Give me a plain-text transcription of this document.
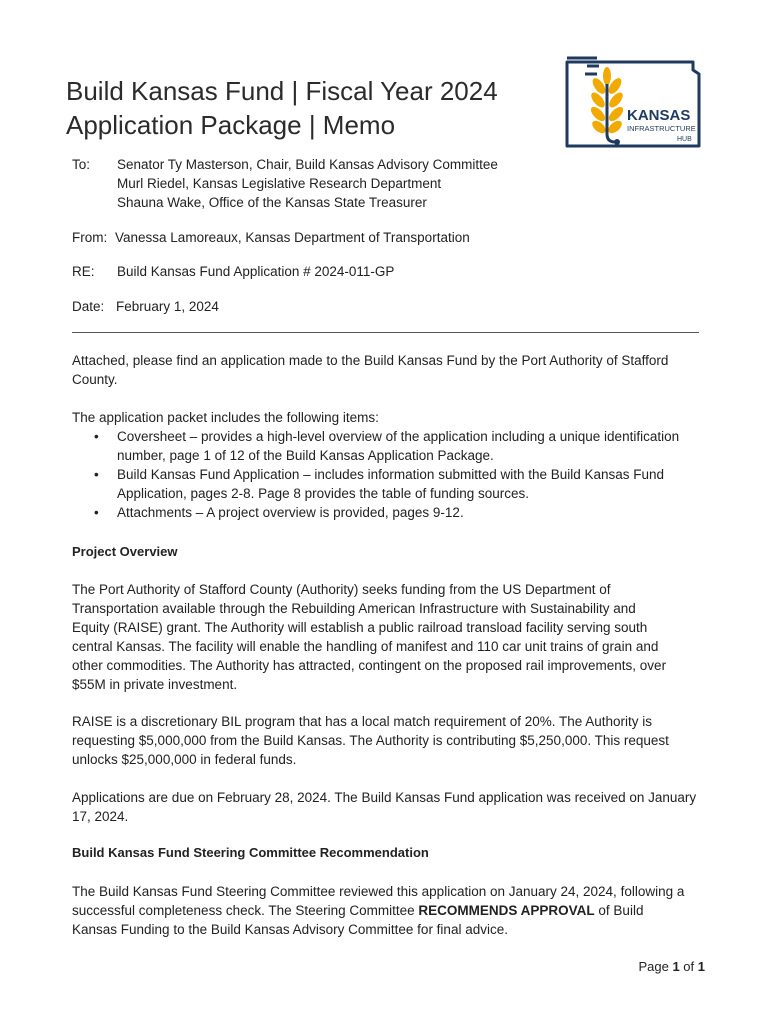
Build Kansas Fund | Fiscal Year 2024
Application Package | Memo	KANSAS
INFRASTRUCTURE
HUB
To: Senator Ty Masterson, Chair, Build Kansas Advisory Committee
Murl Riedel, Kansas Legislative Research Department
Shauna Wake, Office of the Kansas State Treasurer
From: Vanessa Lamoreaux, Kansas Department of Transportation
RE: Build Kansas Fund Application # 2024-011-GP
Date: February 1, 2024

Attached, please find an application made to the Build Kansas Fund by the Port Authority of Stafford County.

The application packet includes the following items:

• Coversheet – provides a high-level overview of the application including a unique identification number, page 1 of 12 of the Build Kansas Application Package.
• Build Kansas Fund Application – includes information submitted with the Build Kansas Fund Application, pages 2-8. Page 8 provides the table of funding sources.
• Attachments – A project overview is provided, pages 9-12.
Project Overview

The Port Authority of Stafford County (Authority) seeks funding from the US Department of Transportation available through the Rebuilding American Infrastructure with Sustainability and Equity (RAISE) grant. The Authority will establish a public railroad transload facility serving south central Kansas. The facility will enable the handling of manifest and 110 car unit trains of grain and other commodities. The Authority has attracted, contingent on the proposed rail improvements, over $55M in private investment.

RAISE is a discretionary BIL program that has a local match requirement of 20%. The Authority is requesting $5,000,000 from the Build Kansas. The Authority is contributing $5,250,000. This request unlocks $25,000,000 in federal funds.

Applications are due on February 28, 2024. The Build Kansas Fund application was received on January 17, 2024.

Build Kansas Fund Steering Committee Recommendation

The Build Kansas Fund Steering Committee reviewed this application on January 24, 2024, following a successful completeness check. The Steering Committee RECOMMENDS APPROVAL of Build Kansas Funding to the Build Kansas Advisory Committee for final advice.

Page 1 of 1
